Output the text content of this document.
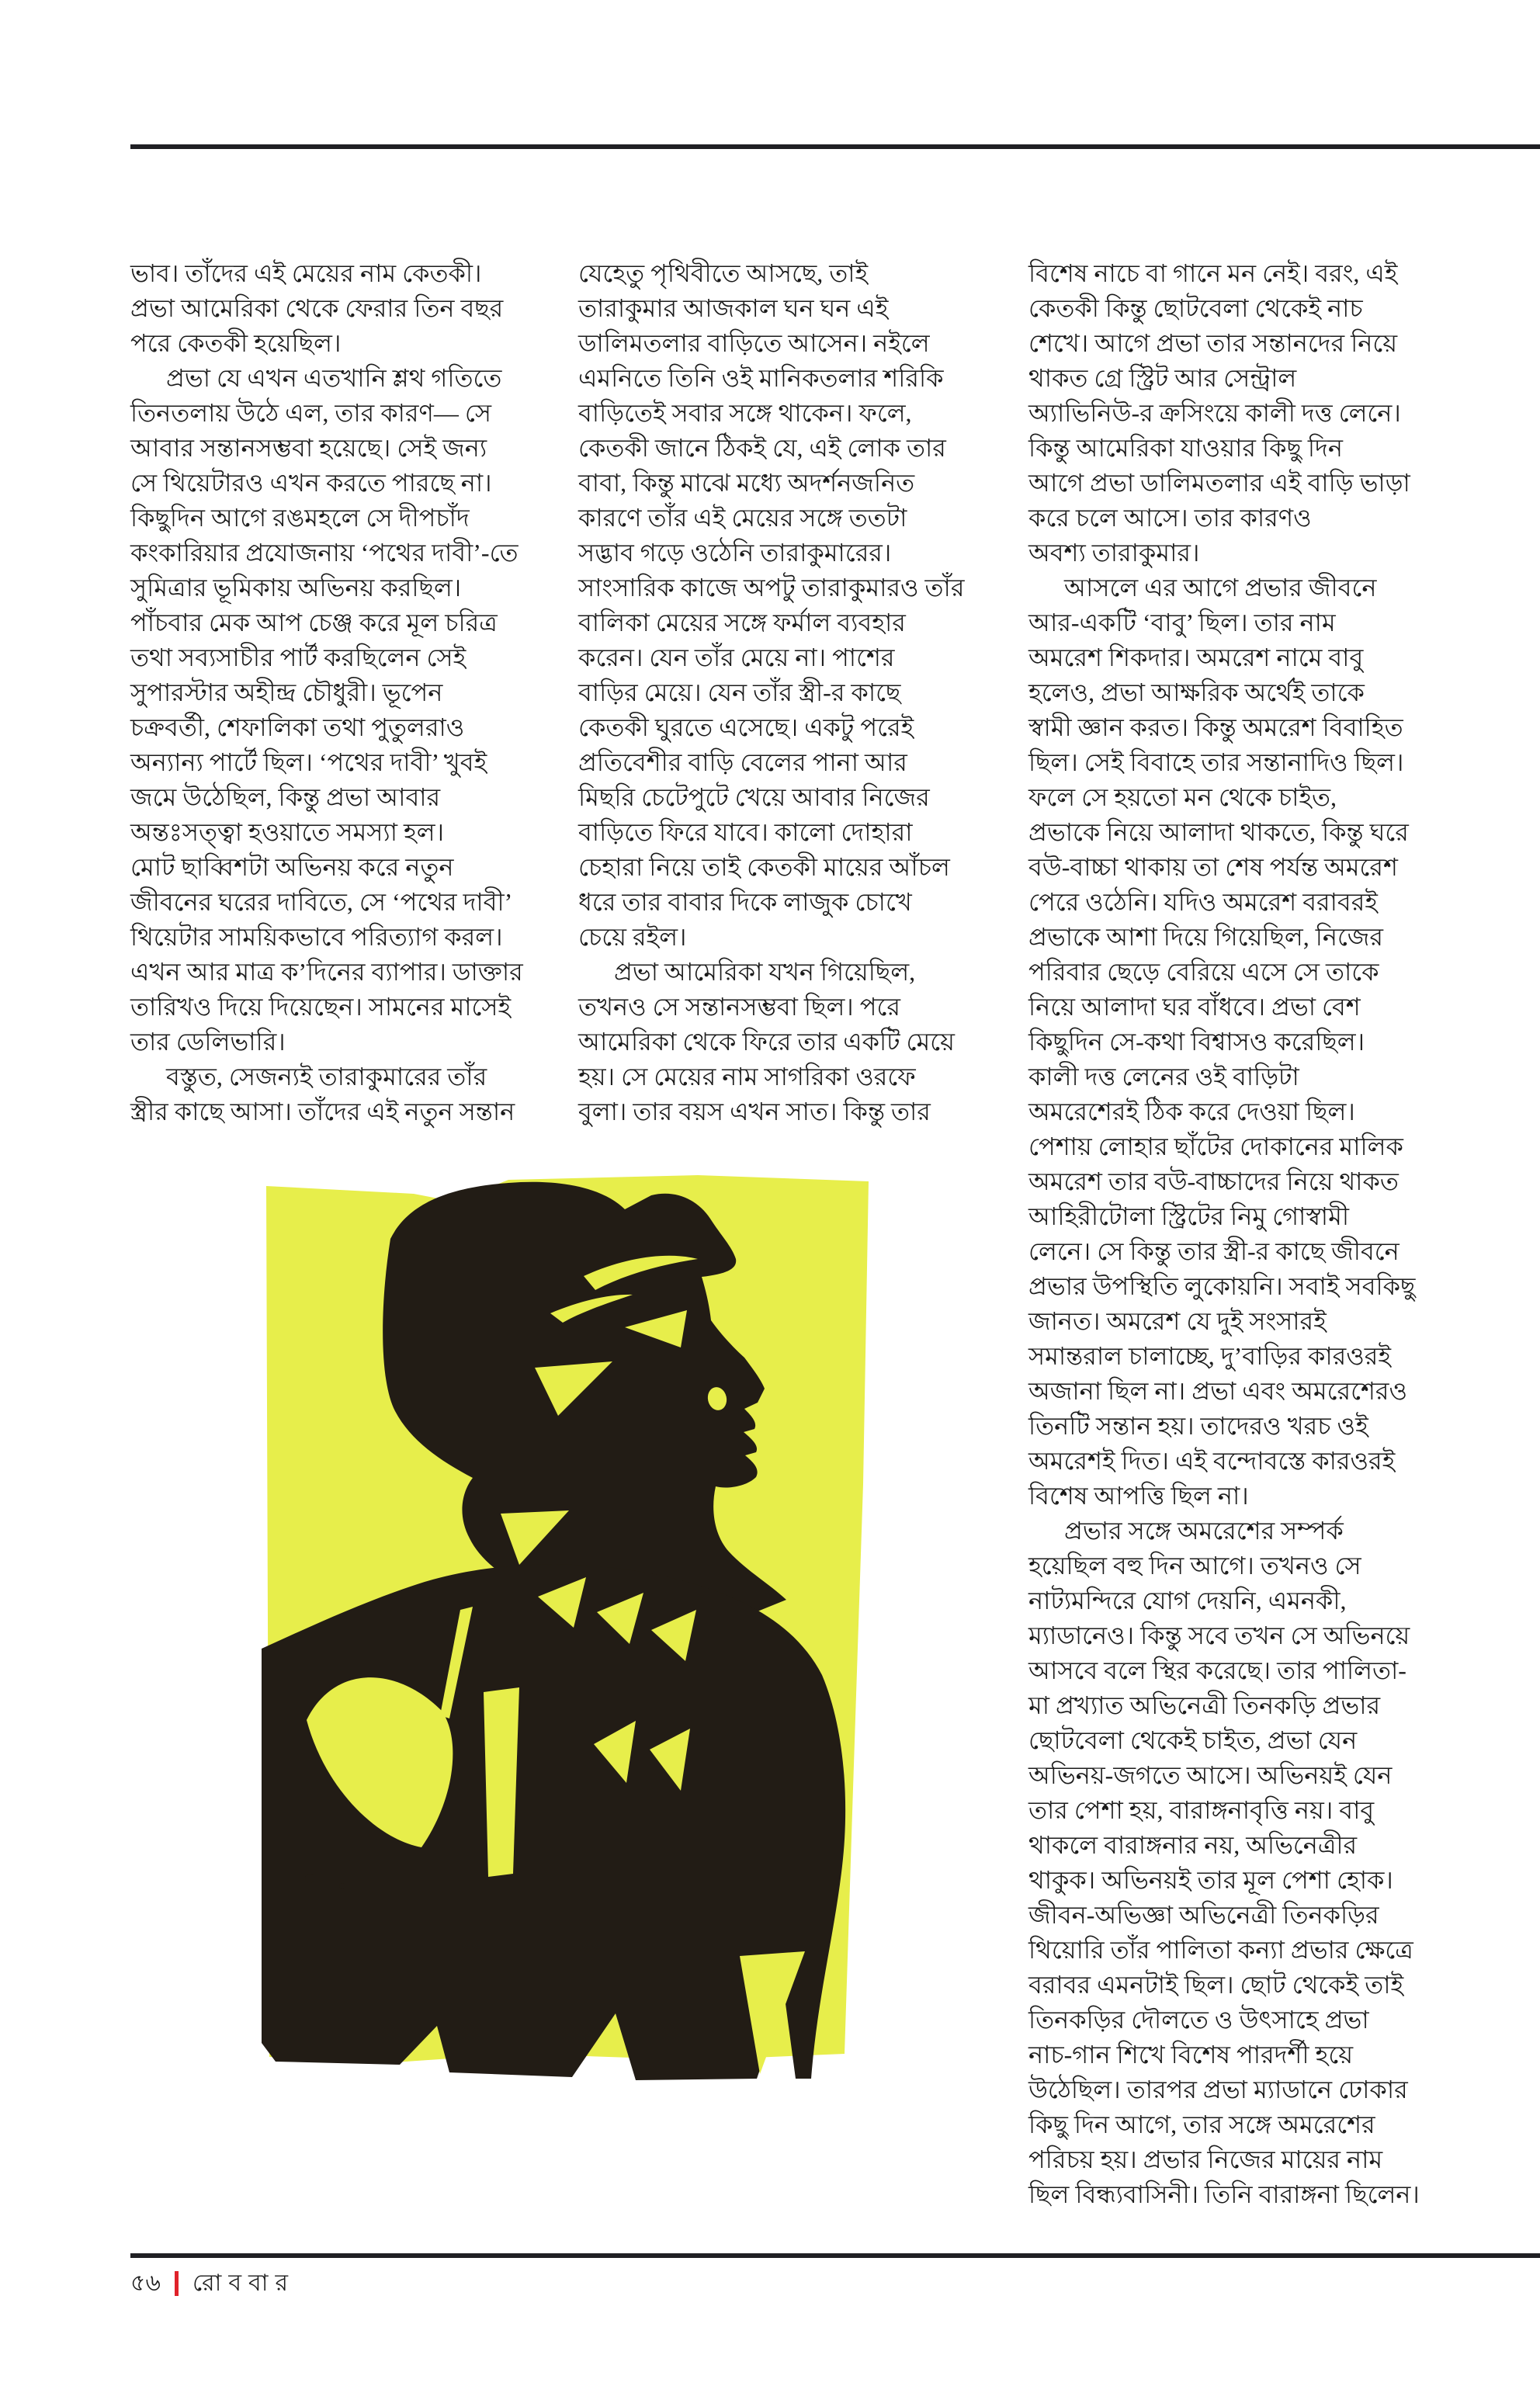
ভাব। তাঁদের এই মেয়ের নাম কেতকী।
প্রভা আমেরিকা থেকে ফেরার তিন বছর
পরে কেতকী হয়েছিল।
প্রভা যে এখন এতখানি শ্লথ গতিতে
তিনতলায় উঠে এল, তার কারণ— সে
আবার সন্তানসম্ভবা হয়েছে। সেই জন্য
সে থিয়েটারও এখন করতে পারছে না।
কিছুদিন আগে রঙমহলে সে দীপচাঁদ
কংকারিয়ার প্রযোজনায় ‘পথের দাবী’-তে
সুমিত্রার ভূমিকায় অভিনয় করছিল।
পাঁচবার মেক আপ চেঞ্জ করে মূল চরিত্র
তথা সব্যসাচীর পার্ট করছিলেন সেই
সুপারস্টার অহীন্দ্র চৌধুরী। ভূপেন
চক্রবর্তী, শেফালিকা তথা পুতুলরাও
অন্যান্য পার্টে ছিল। ‘পথের দাবী’ খুবই
জমে উঠেছিল, কিন্তু প্রভা আবার
অন্তঃসত্ত্বা হওয়াতে সমস্যা হল।
মোট ছাব্বিশটা অভিনয় করে নতুন
জীবনের ঘরের দাবিতে, সে ‘পথের দাবী’
থিয়েটার সাময়িকভাবে পরিত্যাগ করল।
এখন আর মাত্র ক’দিনের ব্যাপার। ডাক্তার
তারিখও দিয়ে দিয়েছেন। সামনের মাসেই
তার ডেলিভারি।
বস্তুত, সেজন্যই তারাকুমারের তাঁর
স্ত্রীর কাছে আসা। তাঁদের এই নতুন সন্তান
যেহেতু পৃথিবীতে আসছে, তাই
তারাকুমার আজকাল ঘন ঘন এই
ডালিমতলার বাড়িতে আসেন। নইলে
এমনিতে তিনি ওই মানিকতলার শরিকি
বাড়িতেই সবার সঙ্গে থাকেন। ফলে,
কেতকী জানে ঠিকই যে, এই লোক তার
বাবা, কিন্তু মাঝে মধ্যে অদর্শনজনিত
কারণে তাঁর এই মেয়ের সঙ্গে ততটা
সদ্ভাব গড়ে ওঠেনি তারাকুমারের।
সাংসারিক কাজে অপটু তারাকুমারও তাঁর
বালিকা মেয়ের সঙ্গে ফর্মাল ব্যবহার
করেন। যেন তাঁর মেয়ে না। পাশের
বাড়ির মেয়ে। যেন তাঁর স্ত্রী-র কাছে
কেতকী ঘুরতে এসেছে। একটু পরেই
প্রতিবেশীর বাড়ি বেলের পানা আর
মিছরি চেটেপুটে খেয়ে আবার নিজের
বাড়িতে ফিরে যাবে। কালো দোহারা
চেহারা নিয়ে তাই কেতকী মায়ের আঁচল
ধরে তার বাবার দিকে লাজুক চোখে
চেয়ে রইল।
প্রভা আমেরিকা যখন গিয়েছিল,
তখনও সে সন্তানসম্ভবা ছিল। পরে
আমেরিকা থেকে ফিরে তার একটি মেয়ে
হয়। সে মেয়ের নাম সাগরিকা ওরফে
বুলা। তার বয়স এখন সাত। কিন্তু তার
বিশেষ নাচে বা গানে মন নেই। বরং, এই
কেতকী কিন্তু ছোটবেলা থেকেই নাচ
শেখে। আগে প্রভা তার সন্তানদের নিয়ে
থাকত গ্রে স্ট্রিট আর সেন্ট্রাল
অ্যাভিনিউ-র ক্রসিংয়ে কালী দত্ত লেনে।
কিন্তু আমেরিকা যাওয়ার কিছু দিন
আগে প্রভা ডালিমতলার এই বাড়ি ভাড়া
করে চলে আসে। তার কারণও
অবশ্য তারাকুমার।
আসলে এর আগে প্রভার জীবনে
আর-একটি ‘বাবু’ ছিল। তার নাম
অমরেশ শিকদার। অমরেশ নামে বাবু
হলেও, প্রভা আক্ষরিক অর্থেই তাকে
স্বামী জ্ঞান করত। কিন্তু অমরেশ বিবাহিত
ছিল। সেই বিবাহে তার সন্তানাদিও ছিল।
ফলে সে হয়তো মন থেকে চাইত,
প্রভাকে নিয়ে আলাদা থাকতে, কিন্তু ঘরে
বউ-বাচ্চা থাকায় তা শেষ পর্যন্ত অমরেশ
পেরে ওঠেনি। যদিও অমরেশ বরাবরই
প্রভাকে আশা দিয়ে গিয়েছিল, নিজের
পরিবার ছেড়ে বেরিয়ে এসে সে তাকে
নিয়ে আলাদা ঘর বাঁধবে। প্রভা বেশ
কিছুদিন সে-কথা বিশ্বাসও করেছিল।
কালী দত্ত লেনের ওই বাড়িটা
অমরেশেরই ঠিক করে দেওয়া ছিল।
পেশায় লোহার ছাঁটের দোকানের মালিক
অমরেশ তার বউ-বাচ্চাদের নিয়ে থাকত
আহিরীটোলা স্ট্রিটের নিমু গোস্বামী
লেনে। সে কিন্তু তার স্ত্রী-র কাছে জীবনে
প্রভার উপস্থিতি লুকোয়নি। সবাই সবকিছু
জানত। অমরেশ যে দুই সংসারই
সমান্তরাল চালাচ্ছে, দু’বাড়ির কারওরই
অজানা ছিল না। প্রভা এবং অমরেশেরও
তিনটি সন্তান হয়। তাদেরও খরচ ওই
অমরেশই দিত। এই বন্দোবস্তে কারওরই
বিশেষ আপত্তি ছিল না।
প্রভার সঙ্গে অমরেশের সম্পর্ক
হয়েছিল বহু দিন আগে। তখনও সে
নাট্যমন্দিরে যোগ দেয়নি, এমনকী,
ম্যাডানেও। কিন্তু সবে তখন সে অভিনয়ে
আসবে বলে স্থির করেছে। তার পালিতা-
মা প্রখ্যাত অভিনেত্রী তিনকড়ি প্রভার
ছোটবেলা থেকেই চাইত, প্রভা যেন
অভিনয়-জগতে আসে। অভিনয়ই যেন
তার পেশা হয়, বারাঙ্গনাবৃত্তি নয়। বাবু
থাকলে বারাঙ্গনার নয়, অভিনেত্রীর
থাকুক। অভিনয়ই তার মূল পেশা হোক।
জীবন-অভিজ্ঞা অভিনেত্রী তিনকড়ির
থিয়োরি তাঁর পালিতা কন্যা প্রভার ক্ষেত্রে
বরাবর এমনটাই ছিল। ছোট থেকেই তাই
তিনকড়ির দৌলতে ও উৎসাহে প্রভা
নাচ-গান শিখে বিশেষ পারদর্শী হয়ে
উঠেছিল। তারপর প্রভা ম্যাডানে ঢোকার
কিছু দিন আগে, তার সঙ্গে অমরেশের
পরিচয় হয়। প্রভার নিজের মায়ের নাম
ছিল বিন্ধ্যবাসিনী। তিনি বারাঙ্গনা ছিলেন।
৫৬ রোববার
